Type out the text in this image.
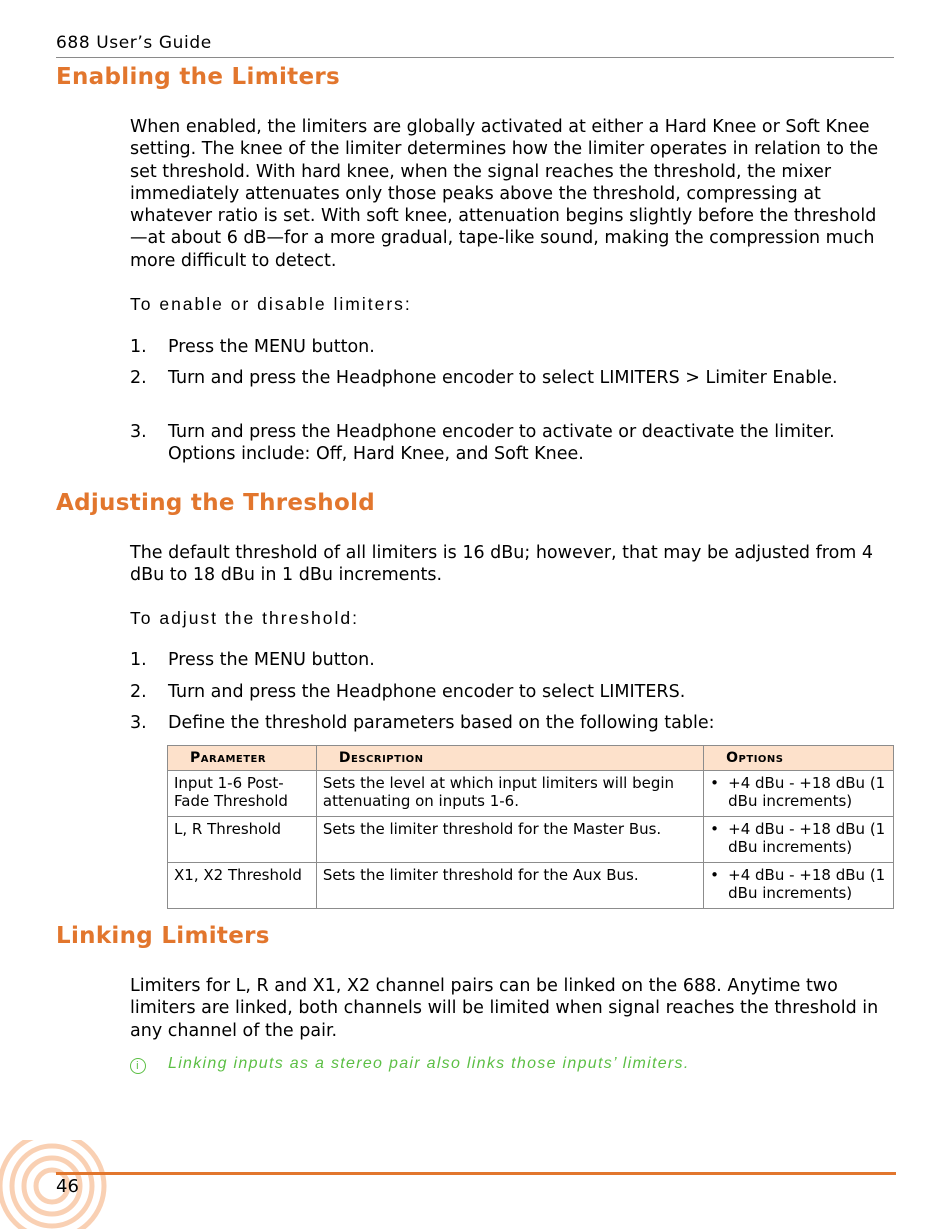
688 User’s Guide
Enabling the Limiters

When enabled, the limiters are globally activated at either a Hard Knee or Soft Knee setting. The knee of the limiter determines how the limiter operates in relation to the set threshold. With hard knee, when the signal reaches the threshold, the mixer immediately attenuates only those peaks above the threshold, compressing at whatever ratio is set. With soft knee, attenuation begins slightly before the threshold—at about 6 dB—for a more gradual, tape-like sound, making the compression much more difficult to detect.

To enable or disable limiters:

1. Press the MENU button.
2. Turn and press the Headphone encoder to select LIMITERS > Limiter Enable.
3. Turn and press the Headphone encoder to activate or deactivate the limiter. Options include: Off, Hard Knee, and Soft Knee.
Adjusting the Threshold

The default threshold of all limiters is 16 dBu; however, that may be adjusted from 4 dBu to 18 dBu in 1 dBu increments.

To adjust the threshold:

1. Press the MENU button.
2. Turn and press the Headphone encoder to select LIMITERS.
3. Define the threshold parameters based on the following table:
Parameter	Description	Options
Input 1-6 Post-Fade Threshold	Sets the level at which input limiters will begin attenuating on inputs 1-6.	• +4 dBu - +18 dBu (1 dBu increments)

L, R Threshold	Sets the limiter threshold for the Master Bus.	• +4 dBu - +18 dBu (1 dBu increments)

X1, X2 Threshold	Sets the limiter threshold for the Aux Bus.	• +4 dBu - +18 dBu (1 dBu increments)
Linking Limiters

Limiters for L, R and X1, X2 channel pairs can be linked on the 688. Anytime two limiters are linked, both channels will be limited when signal reaches the threshold in any channel of the pair.

i Linking inputs as a stereo pair also links those inputs’ limiters.
46
